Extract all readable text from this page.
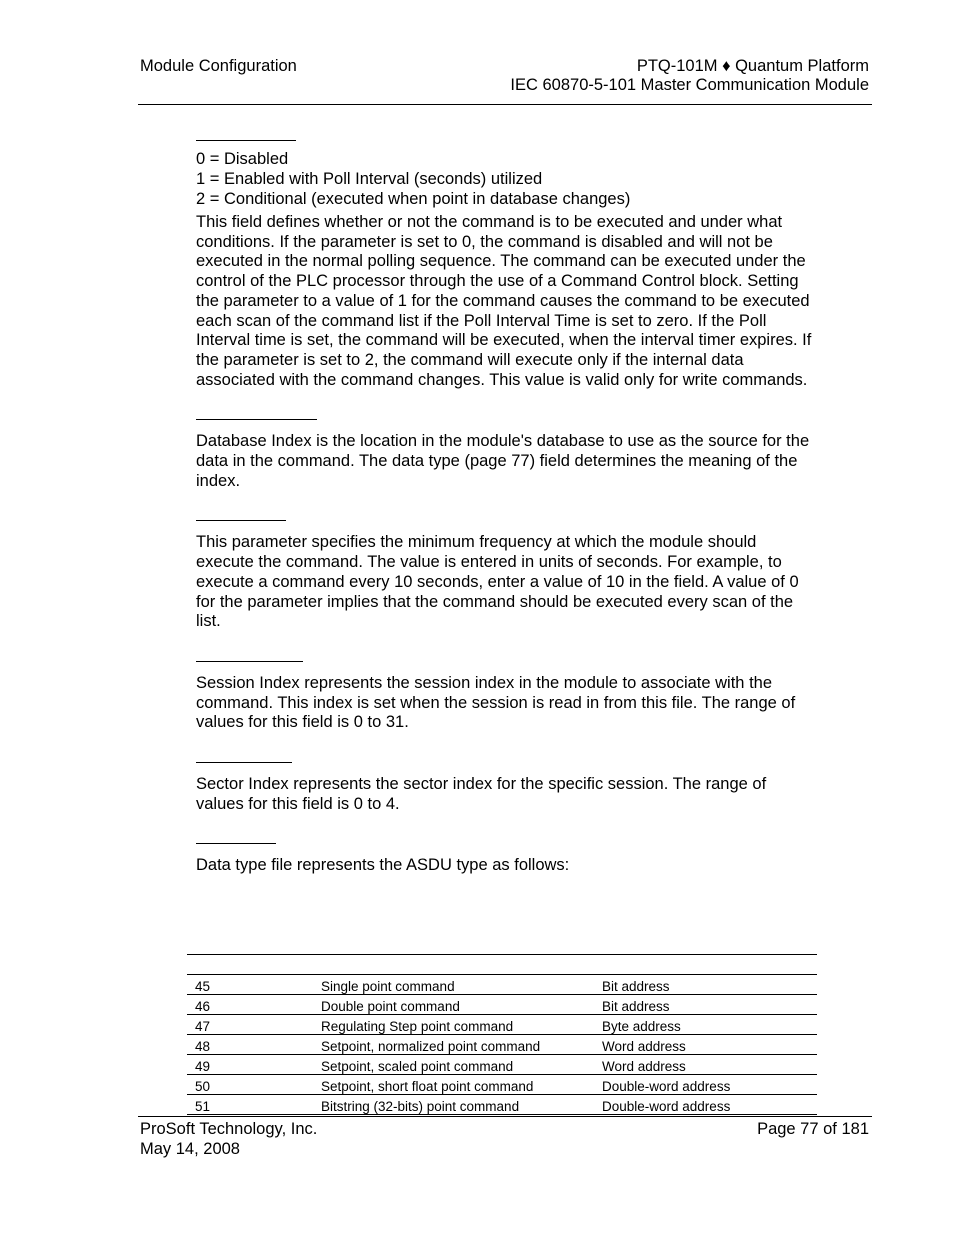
Module Configuration	PTQ-101M ♦ Quantum Platform
IEC 60870-5-101 Master Communication Module

0 = Disabled

1 = Enabled with Poll Interval (seconds) utilized

2 = Conditional (executed when point in database changes)

This field defines whether or not the command is to be executed and under what conditions. If the parameter is set to 0, the command is disabled and will not be executed in the normal polling sequence. The command can be executed under the control of the PLC processor through the use of a Command Control block. Setting the parameter to a value of 1 for the command causes the command to be executed each scan of the command list if the Poll Interval Time is set to zero. If the Poll Interval time is set, the command will be executed, when the interval timer expires. If the parameter is set to 2, the command will execute only if the internal data associated with the command changes. This value is valid only for write commands.

Database Index is the location in the module's database to use as the source for the data in the command. The data type (page 77) field determines the meaning of the index.

This parameter specifies the minimum frequency at which the module should execute the command. The value is entered in units of seconds. For example, to execute a command every 10 seconds, enter a value of 10 in the field. A value of 0 for the parameter implies that the command should be executed every scan of the list.

Session Index represents the session index in the module to associate with the command. This index is set when the session is read in from this file. The range of values for this field is 0 to 31.

Sector Index represents the sector index for the specific session. The range of values for this field is 0 to 4.

Data type file represents the ASDU type as follows:

45	Single point command	Bit address
46	Double point command	Bit address
47	Regulating Step point command	Byte address
48	Setpoint, normalized point command	Word address
49	Setpoint, scaled point command	Word address
50	Setpoint, short float point command	Double-word address
51	Bitstring (32-bits) point command	Double-word address
ProSoft Technology, Inc.
May 14, 2008
Page 77 of 181
